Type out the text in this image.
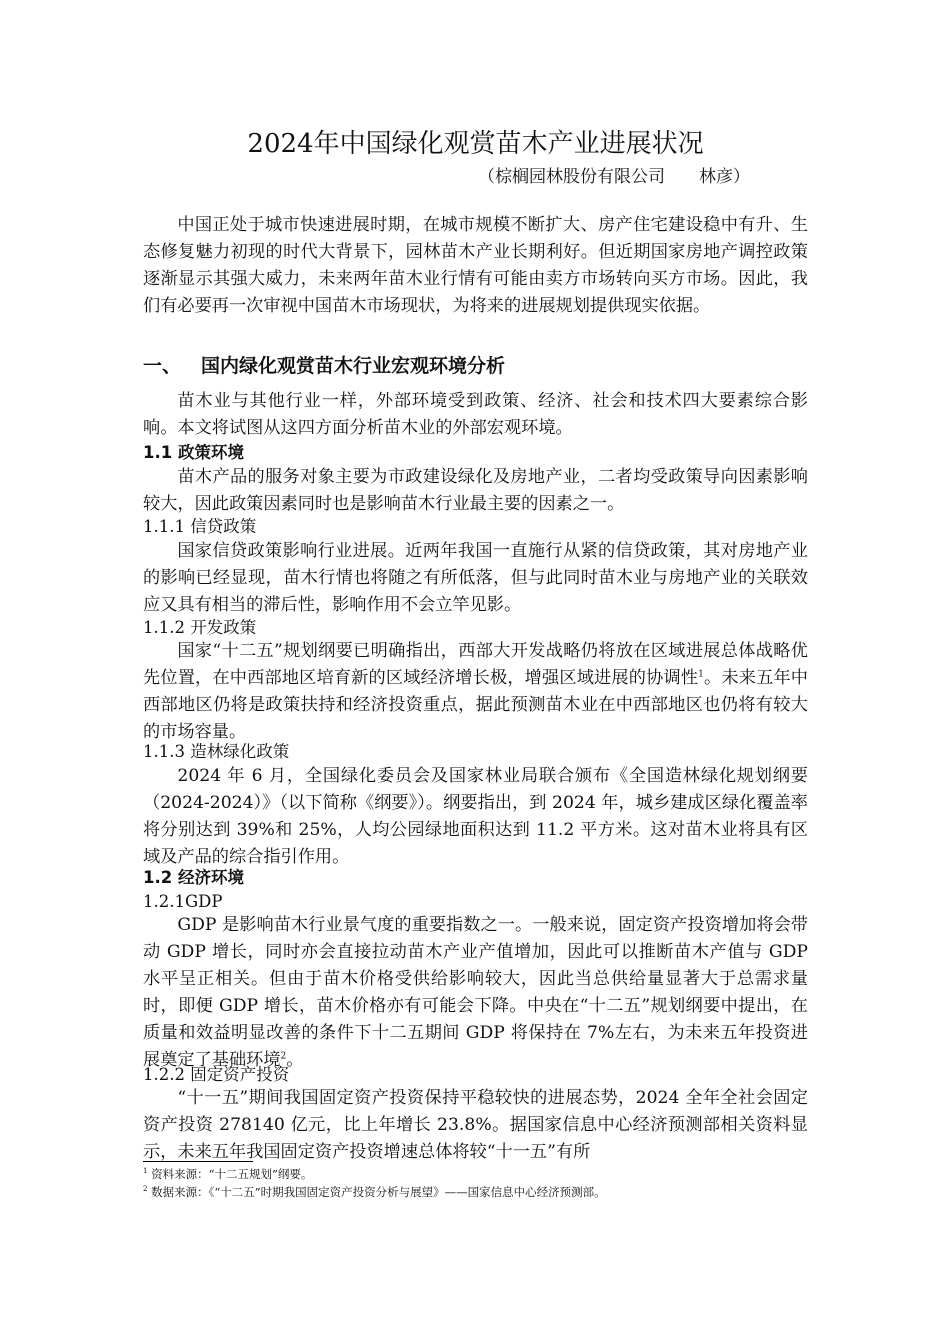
2024年中国绿化观赏苗木产业进展状况
（棕榈园林股份有限公司　　林彦）

中国正处于城市快速进展时期，在城市规模不断扩大、房产住宅建设稳中有升、生态修复魅力初现的时代大背景下，园林苗木产业长期利好。但近期国家房地产调控政策逐渐显示其强大威力，未来两年苗木业行情有可能由卖方市场转向买方市场。因此，我们有必要再一次审视中国苗木市场现状，为将来的进展规划提供现实依据。

一、 国内绿化观赏苗木行业宏观环境分析

苗木业与其他行业一样，外部环境受到政策、经济、社会和技术四大要素综合影响。本文将试图从这四方面分析苗木业的外部宏观环境。

1.1 政策环境

苗木产品的服务对象主要为市政建设绿化及房地产业，二者均受政策导向因素影响较大，因此政策因素同时也是影响苗木行业最主要的因素之一。

1.1.1 信贷政策

国家信贷政策影响行业进展。近两年我国一直施行从紧的信贷政策，其对房地产业的影响已经显现，苗木行情也将随之有所低落，但与此同时苗木业与房地产业的关联效应又具有相当的滞后性，影响作用不会立竿见影。

1.1.2 开发政策

国家“十二五”规划纲要已明确指出，西部大开发战略仍将放在区域进展总体战略优先位置，在中西部地区培育新的区域经济增长极，增强区域进展的协调性$^1$。未来五年中西部地区仍将是政策扶持和经济投资重点，据此预测苗木业在中西部地区也仍将有较大的市场容量。

1.1.3 造林绿化政策

2024 年 6 月，全国绿化委员会及国家林业局联合颁布《全国造林绿化规划纲要（2024-2024）》（以下简称《纲要》）。纲要指出，到 2024 年，城乡建成区绿化覆盖率将分别达到 39%和 25%，人均公园绿地面积达到 11.2 平方米。这对苗木业将具有区域及产品的综合指引作用。

1.2 经济环境
1.2.1GDP

GDP 是影响苗木行业景气度的重要指数之一。一般来说，固定资产投资增加将会带动 GDP 增长，同时亦会直接拉动苗木产业产值增加，因此可以推断苗木产值与 GDP 水平呈正相关。但由于苗木价格受供给影响较大，因此当总供给量显著大于总需求量时，即便 GDP 增长，苗木价格亦有可能会下降。中央在“十二五”规划纲要中提出，在质量和效益明显改善的条件下十二五期间 GDP 将保持在 7%左右，为未来五年投资进展奠定了基础环境$^2$。

1.2.2 固定资产投资

“十一五”期间我国固定资产投资保持平稳较快的进展态势，2024 全年全社会固定资产投资 278140 亿元，比上年增长 23.8%。据国家信息中心经济预测部相关资料显示，未来五年我国固定资产投资增速总体将较“十一五”有所

$^1$ 资料来源：“十二五规划”纲要。
$^2$ 数据来源：《“十二五”时期我国固定资产投资分析与展望》——国家信息中心经济预测部。
